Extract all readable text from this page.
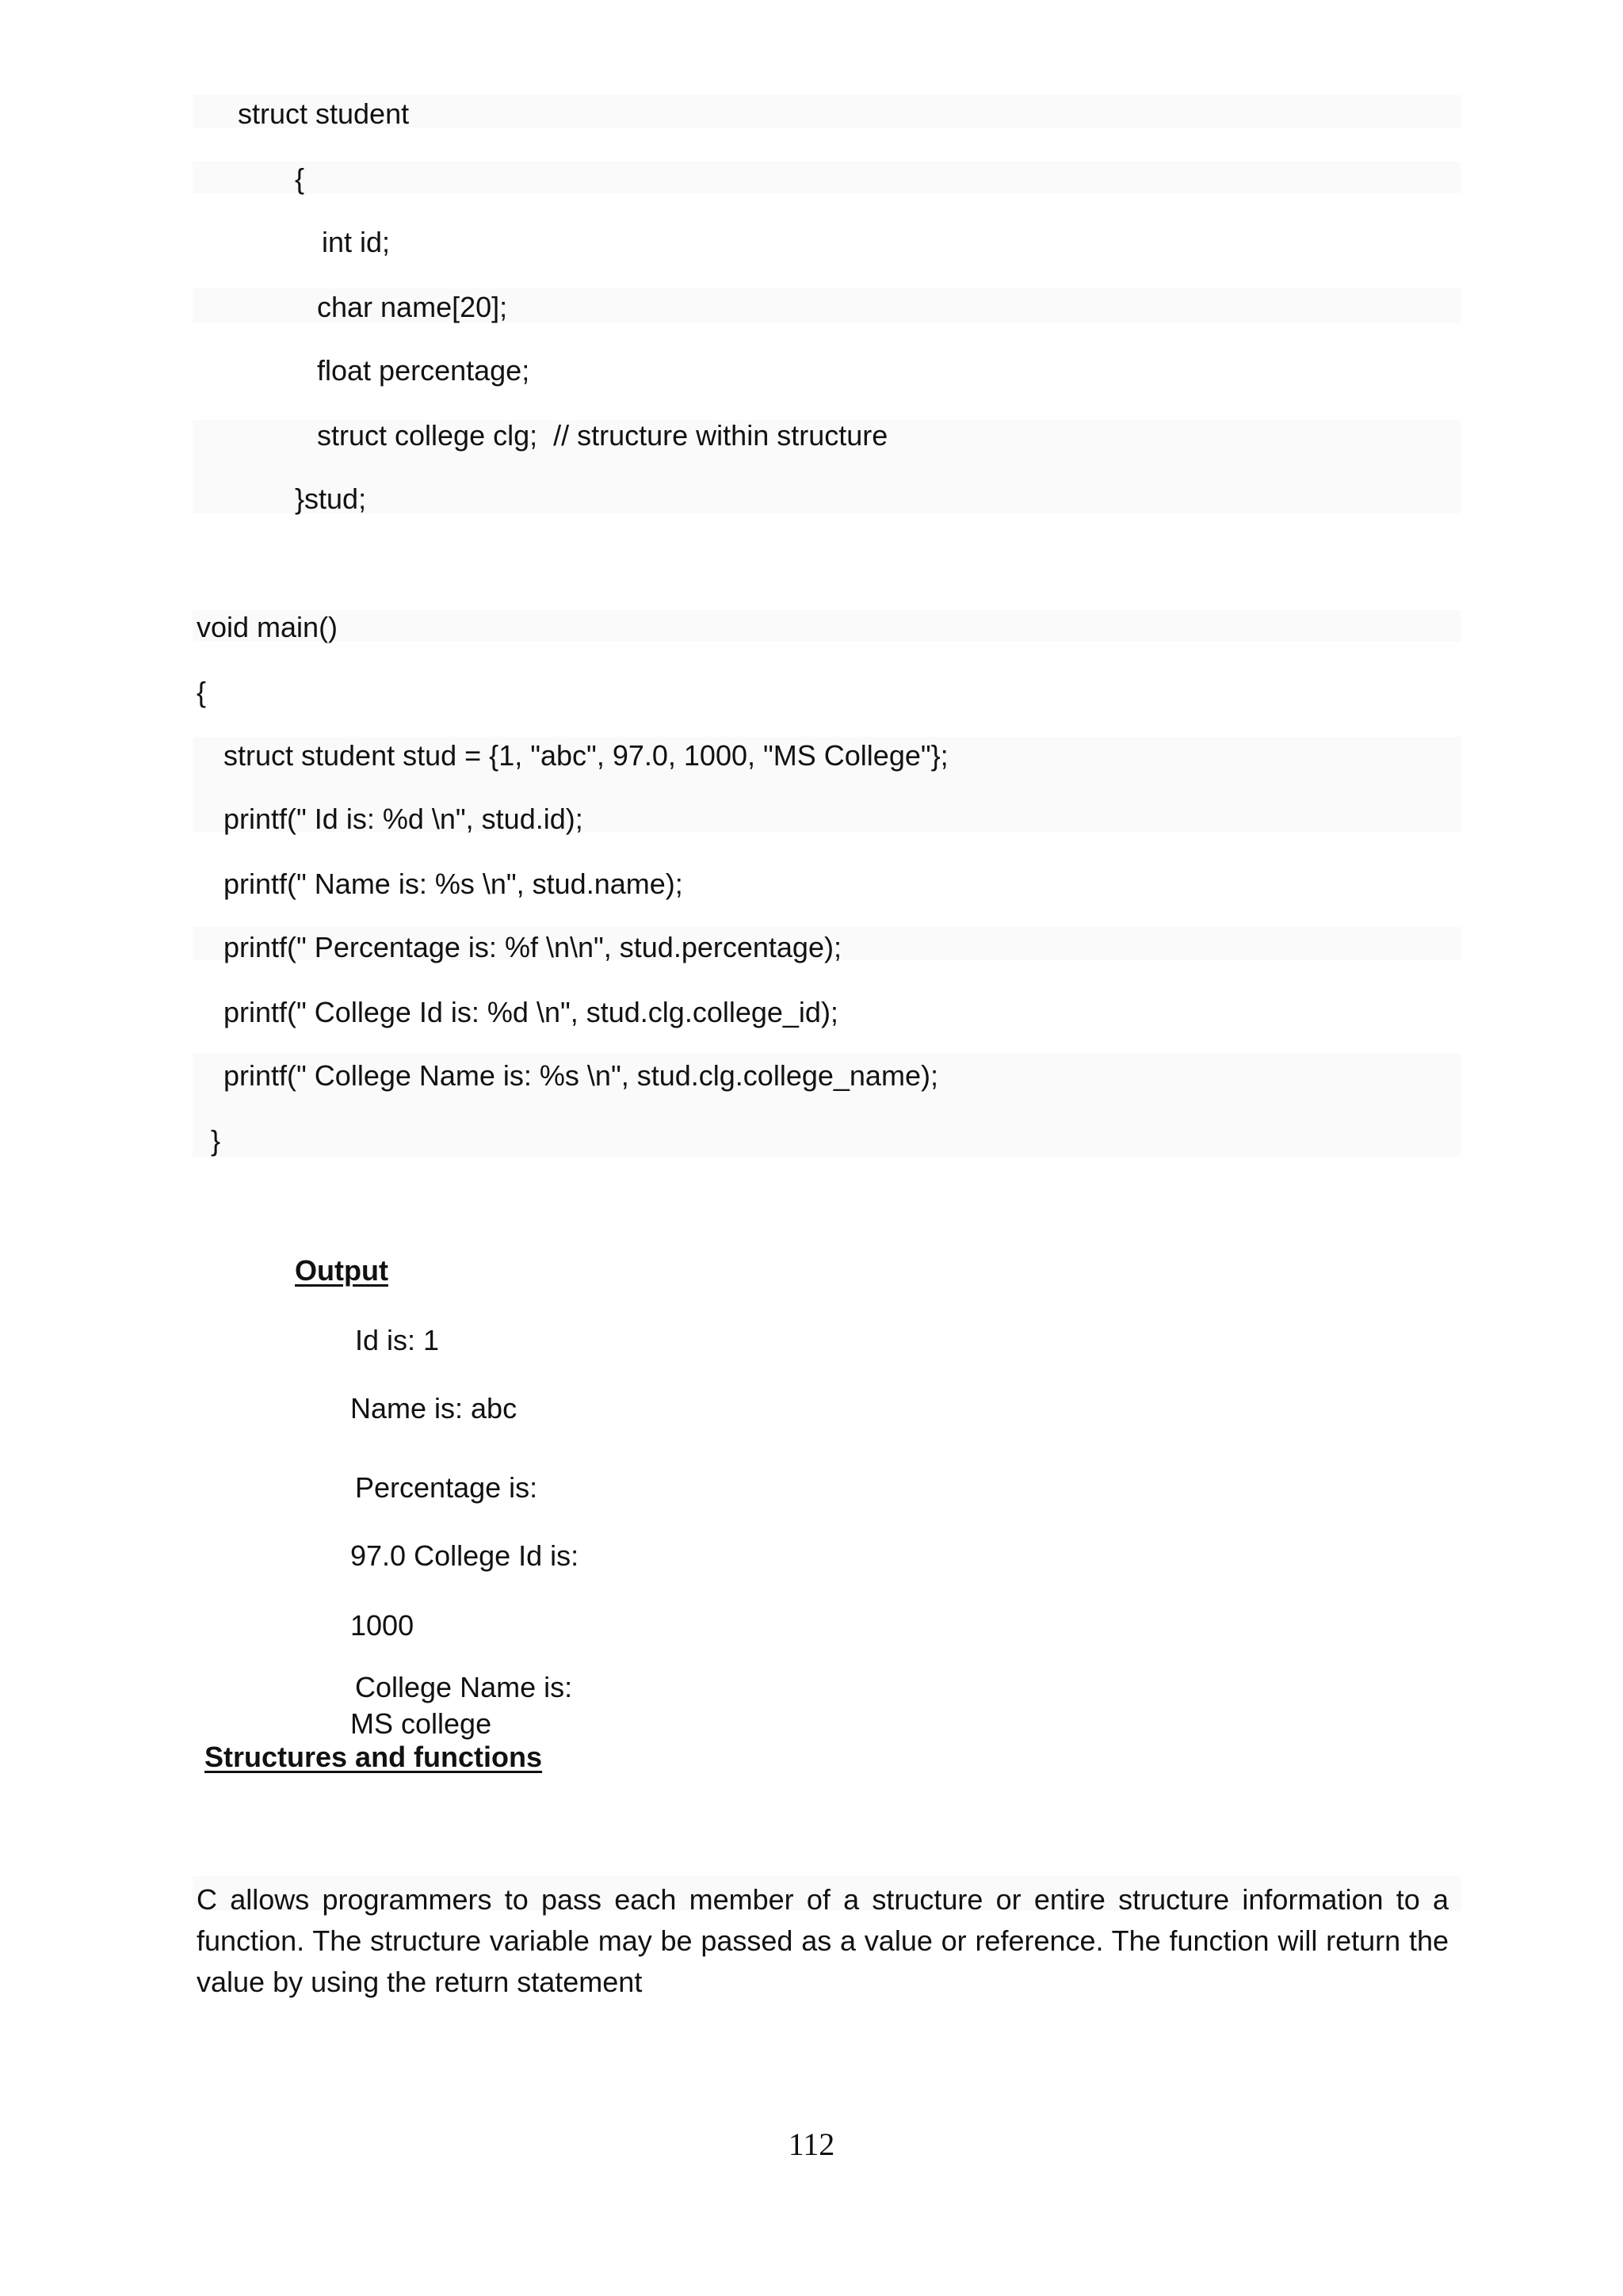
struct student
{
int id;
char name[20];
float percentage;
struct college clg;  // structure within structure
}stud;
void main()
{
struct student stud = {1, "abc", 97.0, 1000, "MS College"};
printf(" Id is: %d \n", stud.id);
printf(" Name is: %s \n", stud.name);
printf(" Percentage is: %f \n\n", stud.percentage);
printf(" College Id is: %d \n", stud.clg.college_id);
printf(" College Name is: %s \n", stud.clg.college_name);
}
Output
Id is: 1
Name is: abc
Percentage is:
97.0 College Id is:
1000
College Name is:
MS college
Structures and functions
C allows programmers to pass each member of a structure or entire structure information to a function. The structure variable may be passed as a value or reference. The function will return the value by using the return statement
112
